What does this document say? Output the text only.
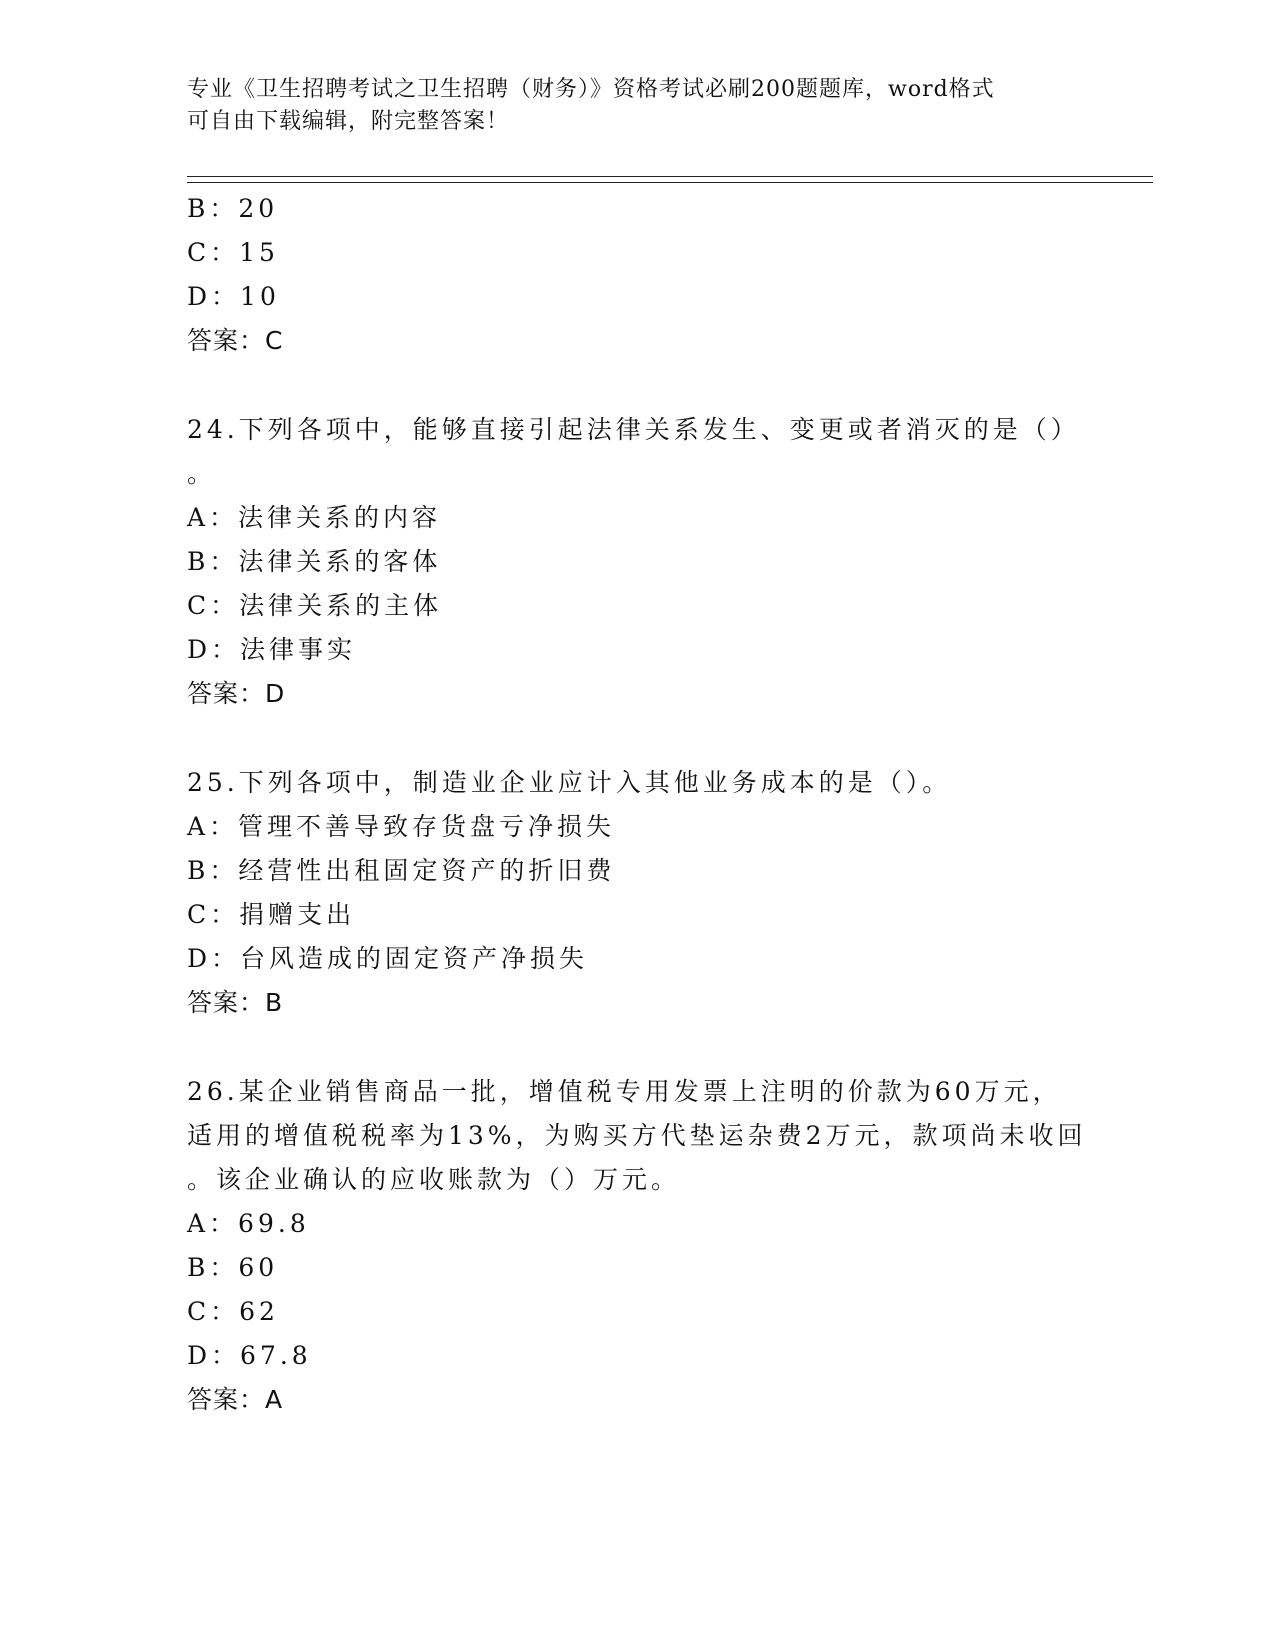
专业《卫生招聘考试之卫生招聘（财务）》资格考试必刷200题题库，word格式
可自由下载编辑，附完整答案！
B：20
C：15
D：10
答案：C
24.下列各项中，能够直接引起法律关系发生、变更或者消灭的是（）
。
A：法律关系的内容
B：法律关系的客体
C：法律关系的主体
D：法律事实
答案：D
25.下列各项中，制造业企业应计入其他业务成本的是（）。
A：管理不善导致存货盘亏净损失
B：经营性出租固定资产的折旧费
C：捐赠支出
D：台风造成的固定资产净损失
答案：B
26.某企业销售商品一批，增值税专用发票上注明的价款为60万元，
适用的增值税税率为13%，为购买方代垫运杂费2万元，款项尚未收回
。该企业确认的应收账款为（）万元。
A：69.8
B：60
C：62
D：67.8
答案：A
